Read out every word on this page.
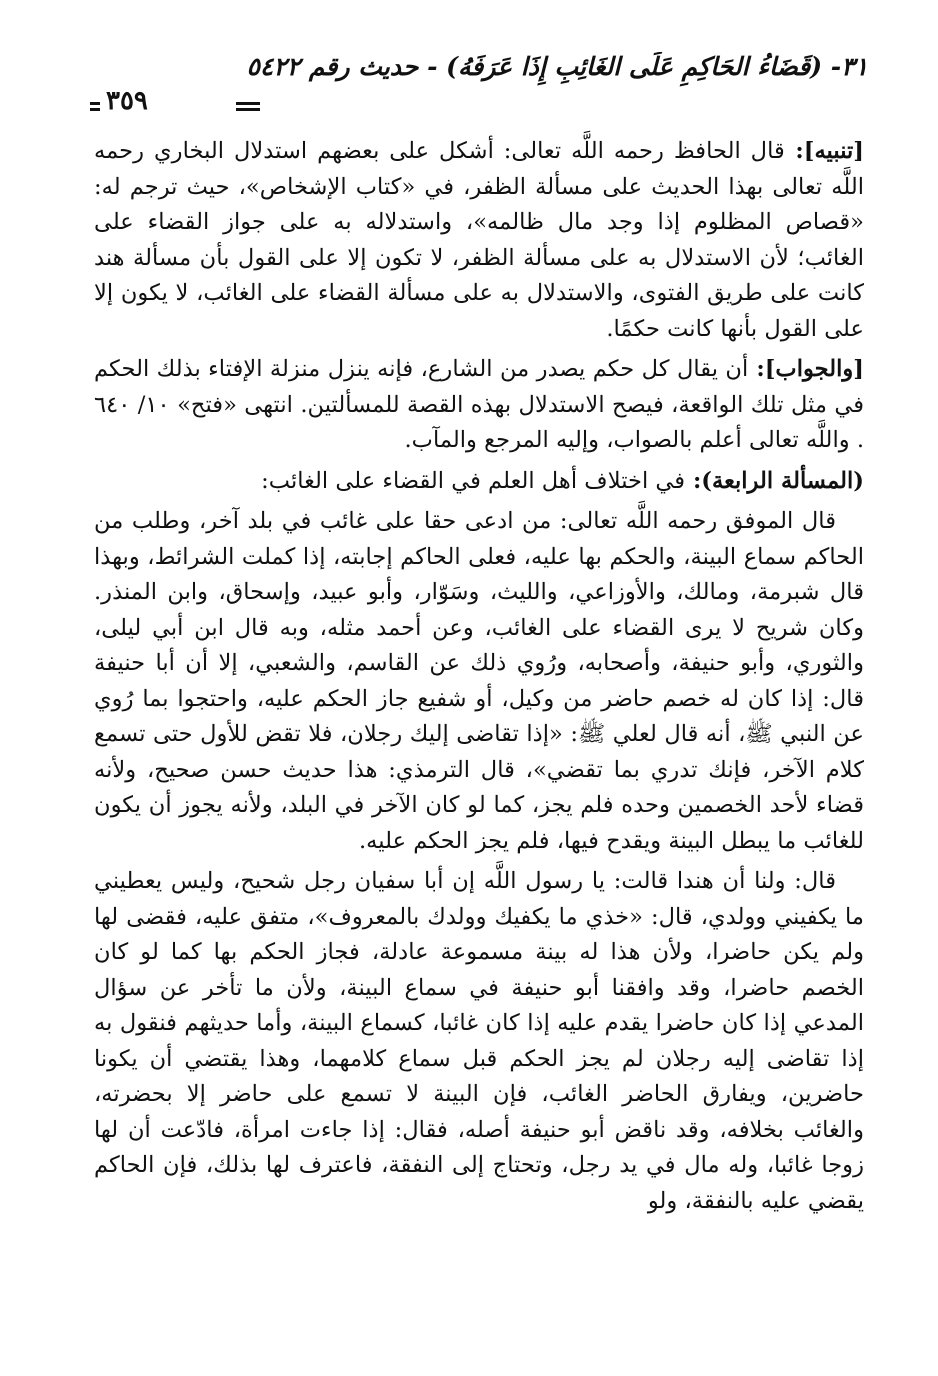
٣١- (قَضَاءُ الحَاكِمِ عَلَى الغَائِبِ إِذَا عَرَفَهُ) - حديث رقم ٥٤٢٢
٣٥٩

[تنبيه]: قال الحافظ رحمه اللَّه تعالى: أشكل على بعضهم استدلال البخاري رحمه اللَّه تعالى بهذا الحديث على مسألة الظفر، في «كتاب الإشخاص»، حيث ترجم له: «قصاص المظلوم إذا وجد مال ظالمه»، واستدلاله به على جواز القضاء على الغائب؛ لأن الاستدلال به على مسألة الظفر، لا تكون إلا على القول بأن مسألة هند كانت على طريق الفتوى، والاستدلال به على مسألة القضاء على الغائب، لا يكون إلا على القول بأنها كانت حكمًا.

[والجواب]: أن يقال كل حكم يصدر من الشارع، فإنه ينزل منزلة الإفتاء بذلك الحكم في مثل تلك الواقعة، فيصح الاستدلال بهذه القصة للمسألتين. انتهى «فتح» ١٠/ ٦٤٠ . واللَّه تعالى أعلم بالصواب، وإليه المرجع والمآب.

(المسألة الرابعة): في اختلاف أهل العلم في القضاء على الغائب:

قال الموفق رحمه اللَّه تعالى: من ادعى حقا على غائب في بلد آخر، وطلب من الحاكم سماع البينة، والحكم بها عليه، فعلى الحاكم إجابته، إذا كملت الشرائط، وبهذا قال شبرمة، ومالك، والأوزاعي، والليث، وسَوّار، وأبو عبيد، وإسحاق، وابن المنذر. وكان شريح لا يرى القضاء على الغائب، وعن أحمد مثله، وبه قال ابن أبي ليلى، والثوري، وأبو حنيفة، وأصحابه، ورُوي ذلك عن القاسم، والشعبي، إلا أن أبا حنيفة قال: إذا كان له خصم حاضر من وكيل، أو شفيع جاز الحكم عليه، واحتجوا بما رُوي عن النبي ﷺ، أنه قال لعلي ﷺ: «إذا تقاضى إليك رجلان، فلا تقض للأول حتى تسمع كلام الآخر، فإنك تدري بما تقضي»، قال الترمذي: هذا حديث حسن صحيح، ولأنه قضاء لأحد الخصمين وحده فلم يجز، كما لو كان الآخر في البلد، ولأنه يجوز أن يكون للغائب ما يبطل البينة ويقدح فيها، فلم يجز الحكم عليه.

قال: ولنا أن هندا قالت: يا رسول اللَّه إن أبا سفيان رجل شحيح، وليس يعطيني ما يكفيني وولدي، قال: «خذي ما يكفيك وولدك بالمعروف»، متفق عليه، فقضى لها ولم يكن حاضرا، ولأن هذا له بينة مسموعة عادلة، فجاز الحكم بها كما لو كان الخصم حاضرا، وقد وافقنا أبو حنيفة في سماع البينة، ولأن ما تأخر عن سؤال المدعي إذا كان حاضرا يقدم عليه إذا كان غائبا، كسماع البينة، وأما حديثهم فنقول به إذا تقاضى إليه رجلان لم يجز الحكم قبل سماع كلامهما، وهذا يقتضي أن يكونا حاضرين، ويفارق الحاضر الغائب، فإن البينة لا تسمع على حاضر إلا بحضرته، والغائب بخلافه، وقد ناقض أبو حنيفة أصله، فقال: إذا جاءت امرأة، فادّعت أن لها زوجا غائبا، وله مال في يد رجل، وتحتاج إلى النفقة، فاعترف لها بذلك، فإن الحاكم يقضي عليه بالنفقة، ولو
